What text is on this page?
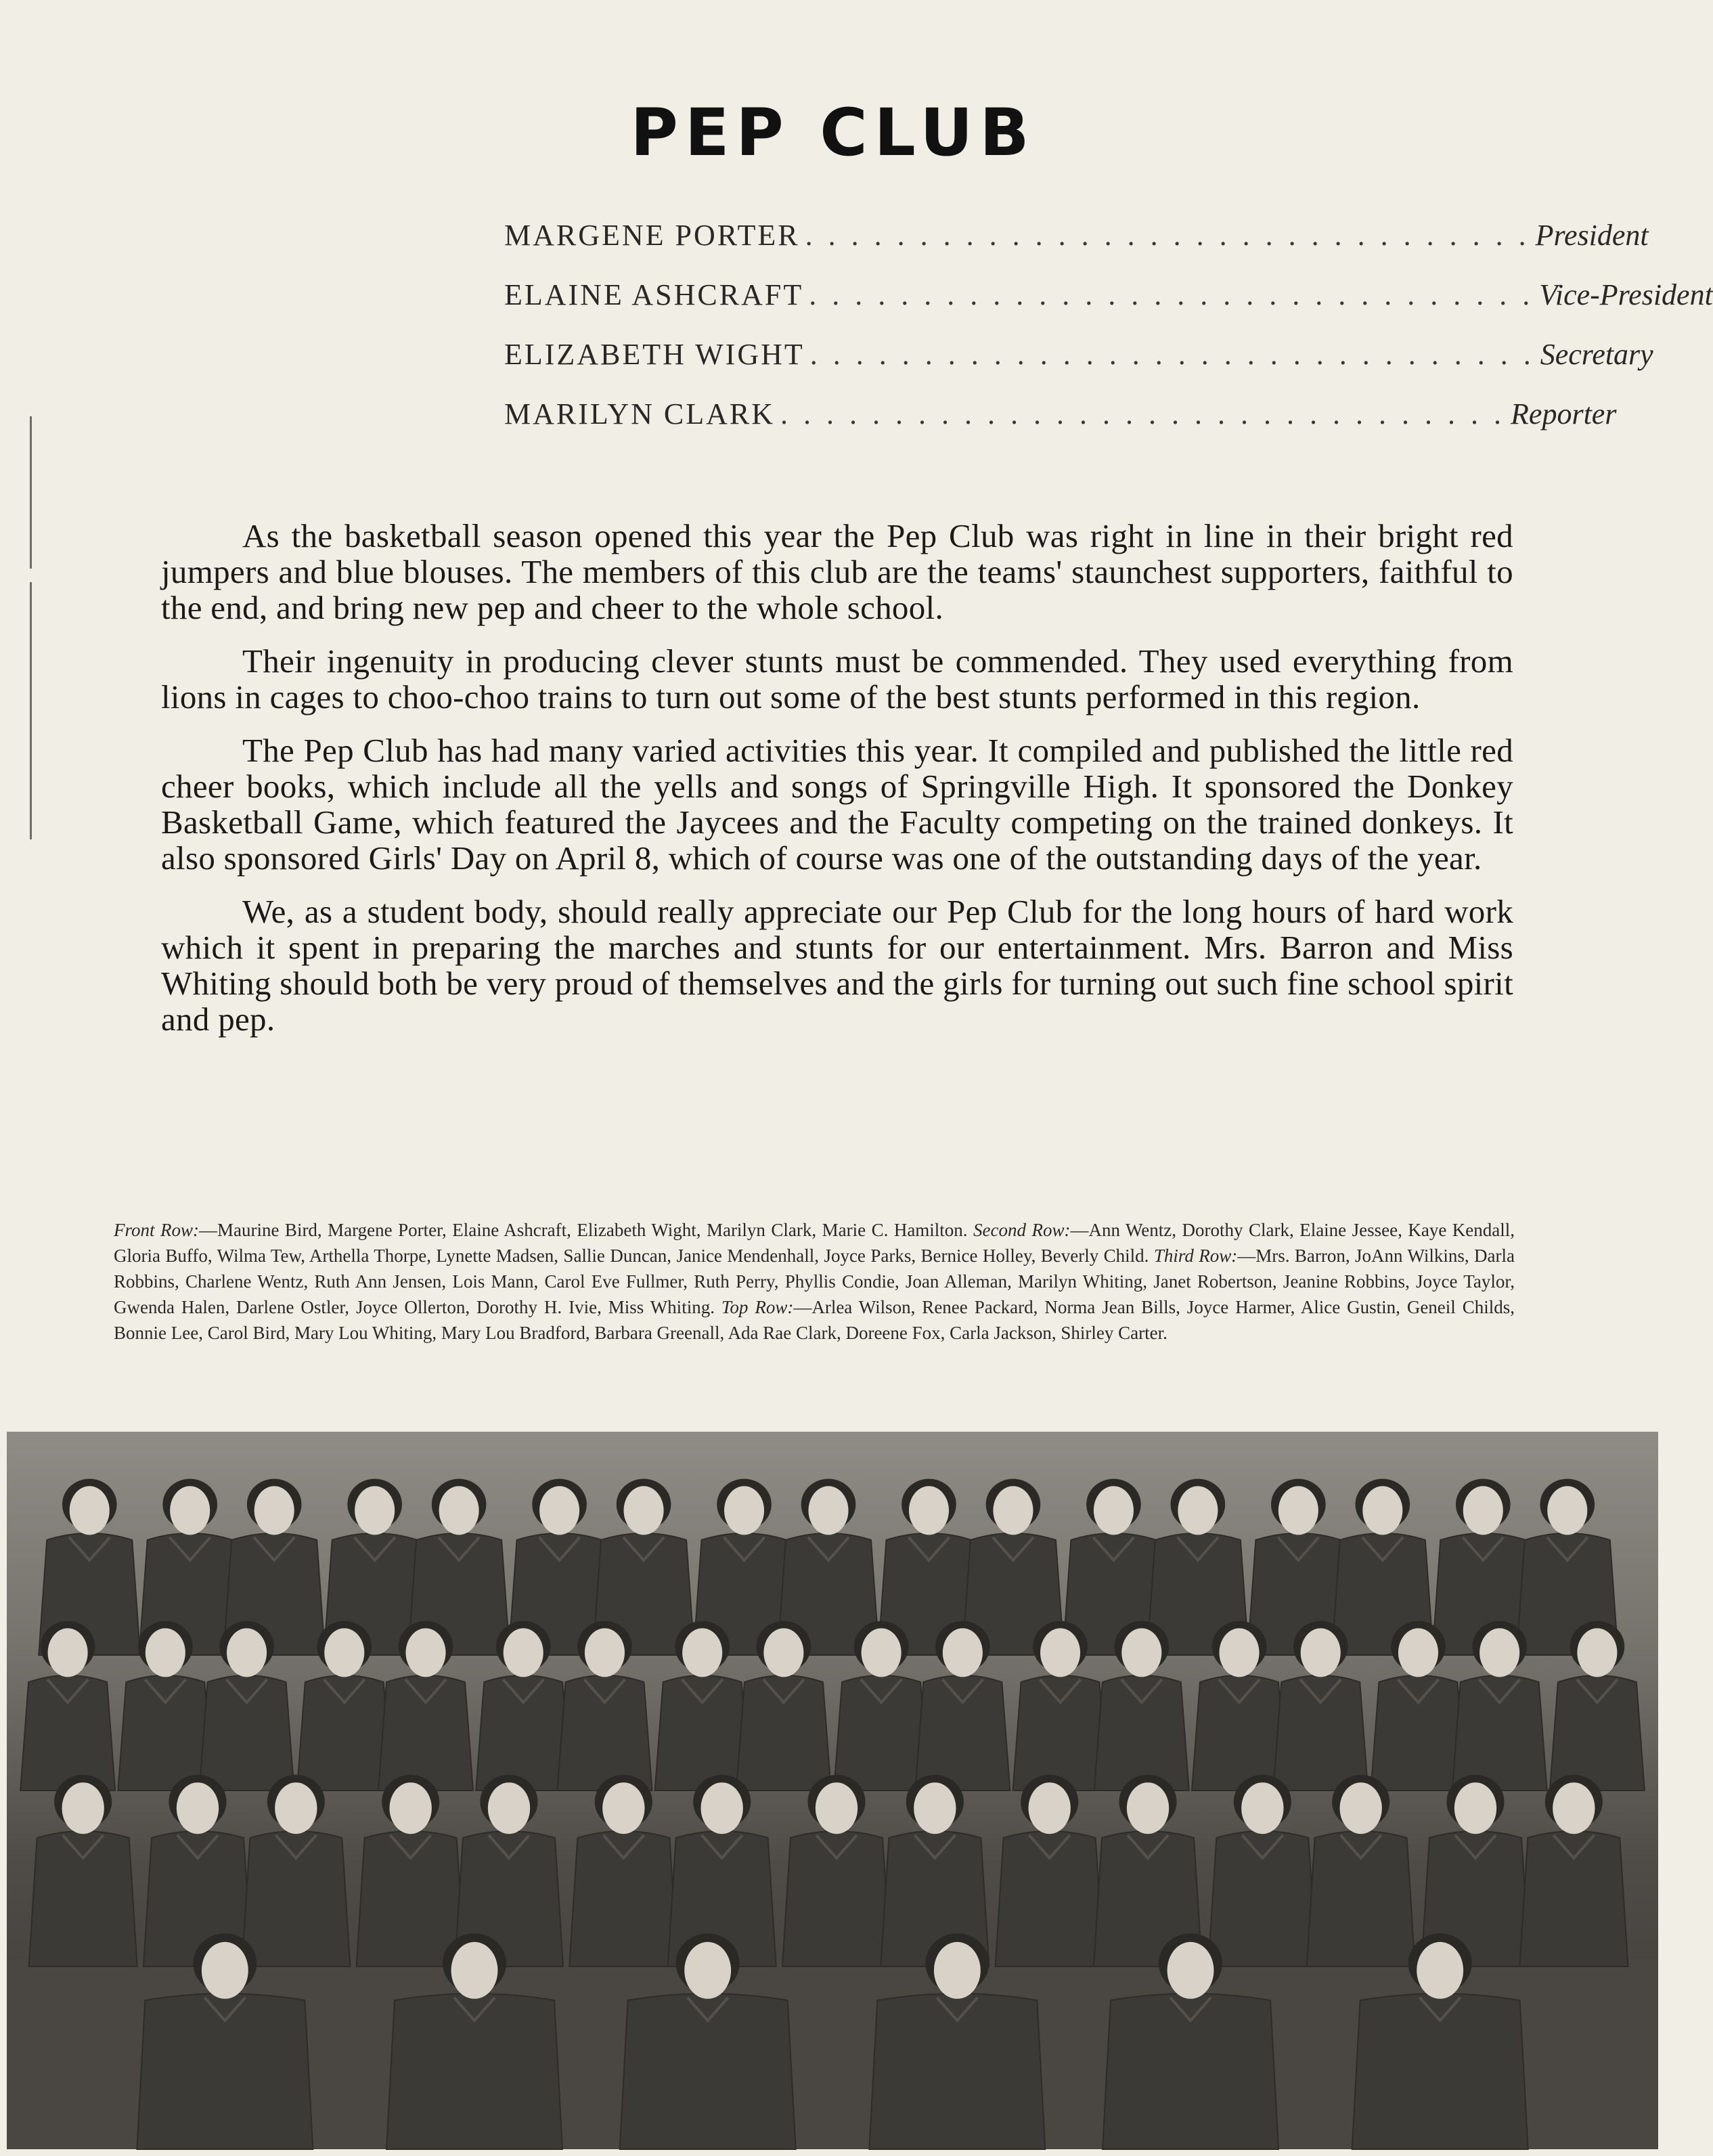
PEP CLUB
MARGENE PORTER . . . . . . . . . . . . . . . . . . . . . . . . . . . . . . . . President
ELAINE ASHCRAFT . . . . . . . . . . . . . . . . . . . . . . . . . . . . . . . . Vice-President
ELIZABETH WIGHT . . . . . . . . . . . . . . . . . . . . . . . . . . . . . . . . Secretary
MARILYN CLARK . . . . . . . . . . . . . . . . . . . . . . . . . . . . . . . . Reporter

As the basketball season opened this year the Pep Club was right in line in their bright red jumpers and blue blouses. The members of this club are the teams' staunchest supporters, faithful to the end, and bring new pep and cheer to the whole school.

Their ingenuity in producing clever stunts must be commended. They used everything from lions in cages to choo-choo trains to turn out some of the best stunts performed in this region.

The Pep Club has had many varied activities this year. It compiled and published the little red cheer books, which include all the yells and songs of Springville High. It sponsored the Donkey Basketball Game, which featured the Jaycees and the Faculty competing on the trained donkeys. It also sponsored Girls' Day on April 8, which of course was one of the outstanding days of the year.

We, as a student body, should really appreciate our Pep Club for the long hours of hard work which it spent in preparing the marches and stunts for our entertainment. Mrs. Barron and Miss Whiting should both be very proud of themselves and the girls for turning out such fine school spirit and pep.

Front Row:—Maurine Bird, Margene Porter, Elaine Ashcraft, Elizabeth Wight, Marilyn Clark, Marie C. Hamilton. Second Row:—Ann Wentz, Dorothy Clark, Elaine Jessee, Kaye Kendall, Gloria Buffo, Wilma Tew, Arthella Thorpe, Lynette Madsen, Sallie Duncan, Janice Mendenhall, Joyce Parks, Bernice Holley, Beverly Child. Third Row:—Mrs. Barron, JoAnn Wilkins, Darla Robbins, Charlene Wentz, Ruth Ann Jensen, Lois Mann, Carol Eve Fullmer, Ruth Perry, Phyllis Condie, Joan Alleman, Marilyn Whiting, Janet Robertson, Jeanine Robbins, Joyce Taylor, Gwenda Halen, Darlene Ostler, Joyce Ollerton, Dorothy H. Ivie, Miss Whiting. Top Row:—Arlea Wilson, Renee Packard, Norma Jean Bills, Joyce Harmer, Alice Gustin, Geneil Childs, Bonnie Lee, Carol Bird, Mary Lou Whiting, Mary Lou Bradford, Barbara Greenall, Ada Rae Clark, Doreene Fox, Carla Jackson, Shirley Carter.
